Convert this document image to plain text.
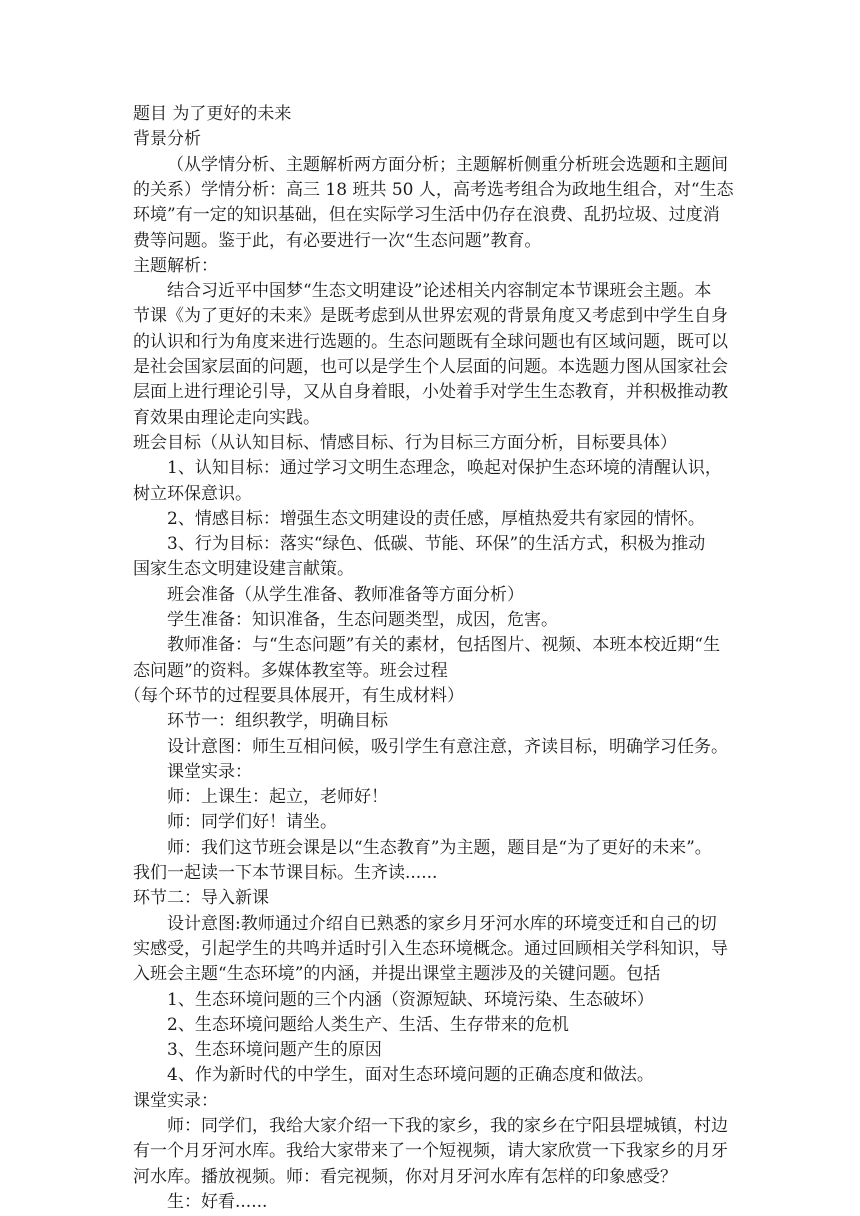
题目 为了更好的未来

背景分析

（从学情分析、主题解析两方面分析；主题解析侧重分析班会选题和主题间

的关系）学情分析：高三 18 班共 50 人，高考选考组合为政地生组合，对“生态

环境”有一定的知识基础，但在实际学习生活中仍存在浪费、乱扔垃圾、过度消

费等问题。鉴于此，有必要进行一次“生态问题”教育。

主题解析：

结合习近平中国梦“生态文明建设”论述相关内容制定本节课班会主题。本

节课《为了更好的未来》是既考虑到从世界宏观的背景角度又考虑到中学生自身

的认识和行为角度来进行选题的。生态问题既有全球问题也有区域问题，既可以

是社会国家层面的问题，也可以是学生个人层面的问题。本选题力图从国家社会

层面上进行理论引导，又从自身着眼，小处着手对学生生态教育，并积极推动教

育效果由理论走向实践。

班会目标（从认知目标、情感目标、行为目标三方面分析，目标要具体）

1、认知目标：通过学习文明生态理念，唤起对保护生态环境的清醒认识，

树立环保意识。

2、情感目标：增强生态文明建设的责任感，厚植热爱共有家园的情怀。

3、行为目标：落实“绿色、低碳、节能、环保”的生活方式，积极为推动

国家生态文明建设建言献策。

班会准备（从学生准备、教师准备等方面分析）

学生准备：知识准备，生态问题类型，成因，危害。

教师准备：与“生态问题”有关的素材，包括图片、视频、本班本校近期“生

态问题”的资料。多媒体教室等。班会过程

（每个环节的过程要具体展开，有生成材料）

环节一：组织教学，明确目标

设计意图：师生互相问候，吸引学生有意注意，齐读目标，明确学习任务。

课堂实录：

师：上课生：起立，老师好！

师：同学们好！请坐。

师：我们这节班会课是以“生态教育”为主题，题目是“为了更好的未来”。

我们一起读一下本节课目标。生齐读......

环节二：导入新课

设计意图:教师通过介绍自已熟悉的家乡月牙河水库的环境变迁和自己的切

实感受，引起学生的共鸣并适时引入生态环境概念。通过回顾相关学科知识，导

入班会主题“生态环境”的内涵，并提出课堂主题涉及的关键问题。包括

1、生态环境问题的三个内涵（资源短缺、环境污染、生态破坏）

2、生态环境问题给人类生产、生活、生存带来的危机

3、生态环境问题产生的原因

4、作为新时代的中学生，面对生态环境问题的正确态度和做法。

课堂实录：

师：同学们，我给大家介绍一下我的家乡，我的家乡在宁阳县堽城镇，村边

有一个月牙河水库。我给大家带来了一个短视频，请大家欣赏一下我家乡的月牙

河水库。播放视频。师：看完视频，你对月牙河水库有怎样的印象感受？

生：好看......
